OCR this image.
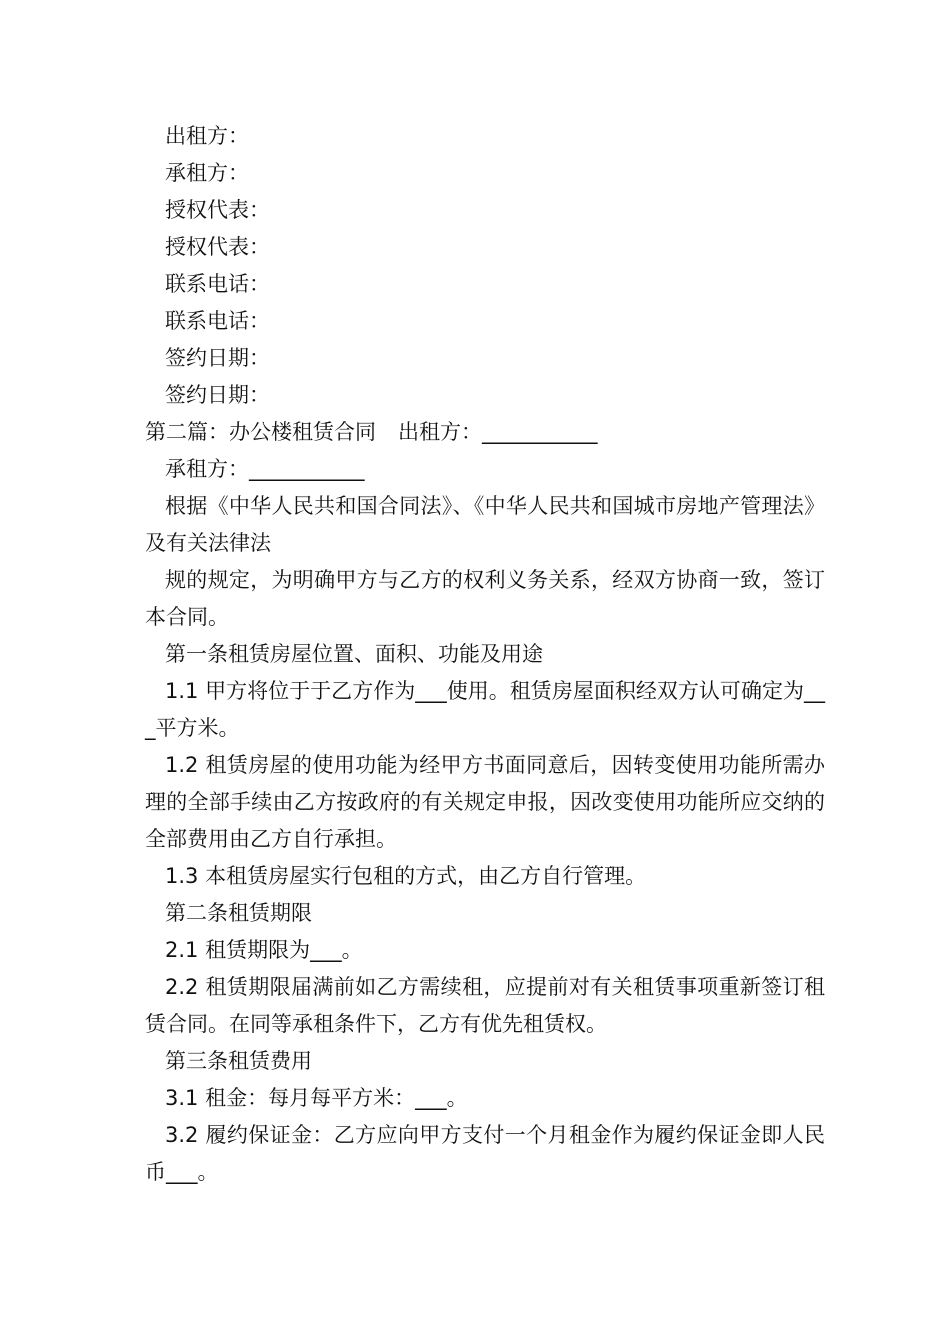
出租方：
承租方：
授权代表：
授权代表：
联系电话：
联系电话：
签约日期：
签约日期：
第二篇：办公楼租赁合同 出租方：___________
承租方：___________
根据《中华人民共和国合同法》、《中华人民共和国城市房地产管理法》及有关法律法
规的规定，为明确甲方与乙方的权利义务关系，经双方协商一致，签订本合同。
第一条租赁房屋位置、面积、功能及用途
1.1 甲方将位于于乙方作为___使用。租赁房屋面积经双方认可确定为___平方米。
1.2 租赁房屋的使用功能为经甲方书面同意后，因转变使用功能所需办理的全部手续由乙方按政府的有关规定申报，因改变使用功能所应交纳的全部费用由乙方自行承担。
1.3 本租赁房屋实行包租的方式，由乙方自行管理。
第二条租赁期限
2.1 租赁期限为___。
2.2 租赁期限届满前如乙方需续租，应提前对有关租赁事项重新签订租赁合同。在同等承租条件下，乙方有优先租赁权。
第三条租赁费用
3.1 租金：每月每平方米：___。
3.2 履约保证金：乙方应向甲方支付一个月租金作为履约保证金即人民币___。
